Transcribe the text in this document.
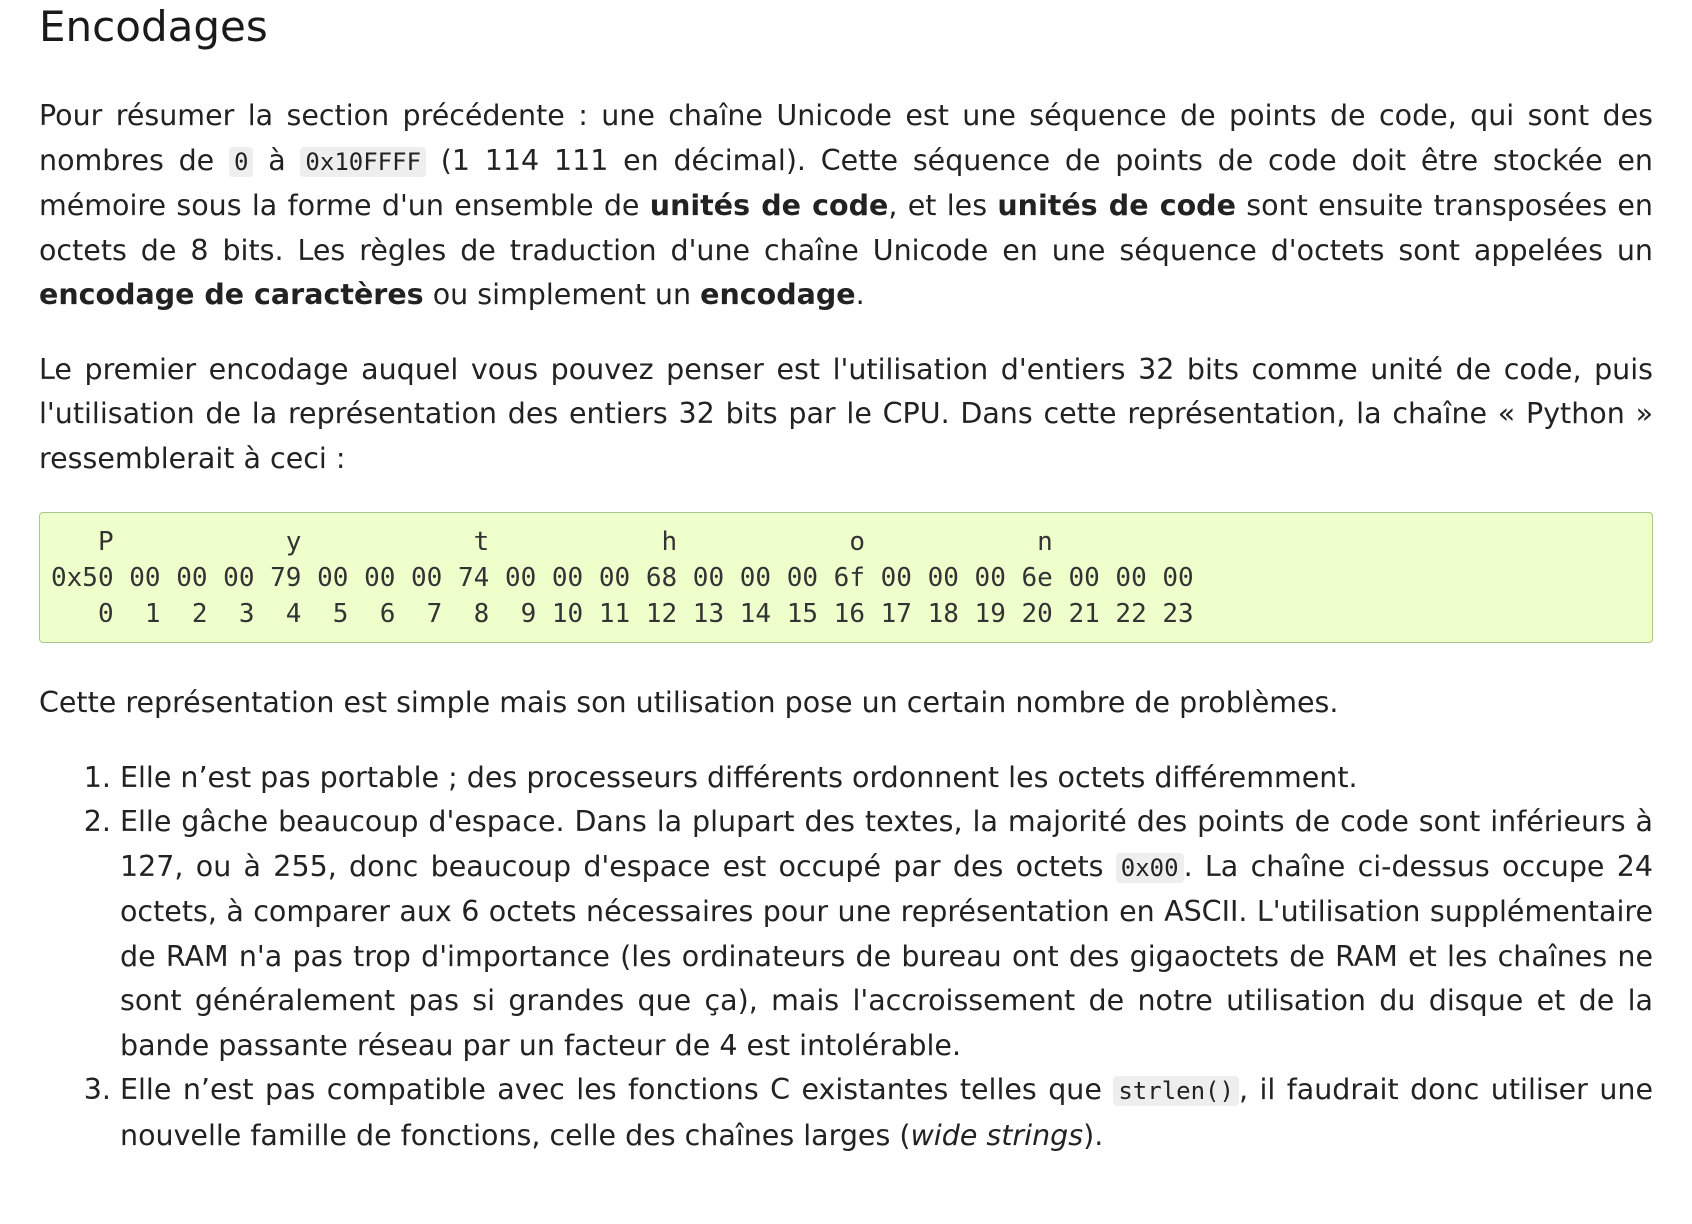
Encodages

Pour résumer la section précédente : une chaîne Unicode est une séquence de points de code, qui sont des nombres de 0 à 0x10FFFF (1 114 111 en décimal). Cette séquence de points de code doit être stockée en mémoire sous la forme d'un ensemble de unités de code, et les unités de code sont ensuite transposées en octets de 8 bits. Les règles de traduction d'une chaîne Unicode en une séquence d'octets sont appelées un encodage de caractères ou simplement un encodage.

Le premier encodage auquel vous pouvez penser est l'utilisation d'entiers 32 bits comme unité de code, puis l'utilisation de la représentation des entiers 32 bits par le CPU. Dans cette représentation, la chaîne « Python » ressemblerait à ceci :

P           y           t           h           o           n
0x50 00 00 00 79 00 00 00 74 00 00 00 68 00 00 00 6f 00 00 00 6e 00 00 00
0  1  2  3  4  5  6  7  8  9 10 11 12 13 14 15 16 17 18 19 20 21 22 23

Cette représentation est simple mais son utilisation pose un certain nombre de problèmes.

1. Elle n’est pas portable ; des processeurs différents ordonnent les octets différemment.
2. Elle gâche beaucoup d'espace. Dans la plupart des textes, la majorité des points de code sont inférieurs à 127, ou à 255, donc beaucoup d'espace est occupé par des octets 0x00 . La chaîne ci-dessus occupe 24 octets, à comparer aux 6 octets nécessaires pour une représentation en ASCII. L'utilisation supplémentaire de RAM n'a pas trop d'importance (les ordinateurs de bureau ont des gigaoctets de RAM et les chaînes ne sont généralement pas si grandes que ça), mais l'accroissement de notre utilisation du disque et de la bande passante réseau par un facteur de 4 est intolérable.
3. Elle n’est pas compatible avec les fonctions C existantes telles que strlen() , il faudrait donc utiliser une nouvelle famille de fonctions, celle des chaînes larges (wide strings).
